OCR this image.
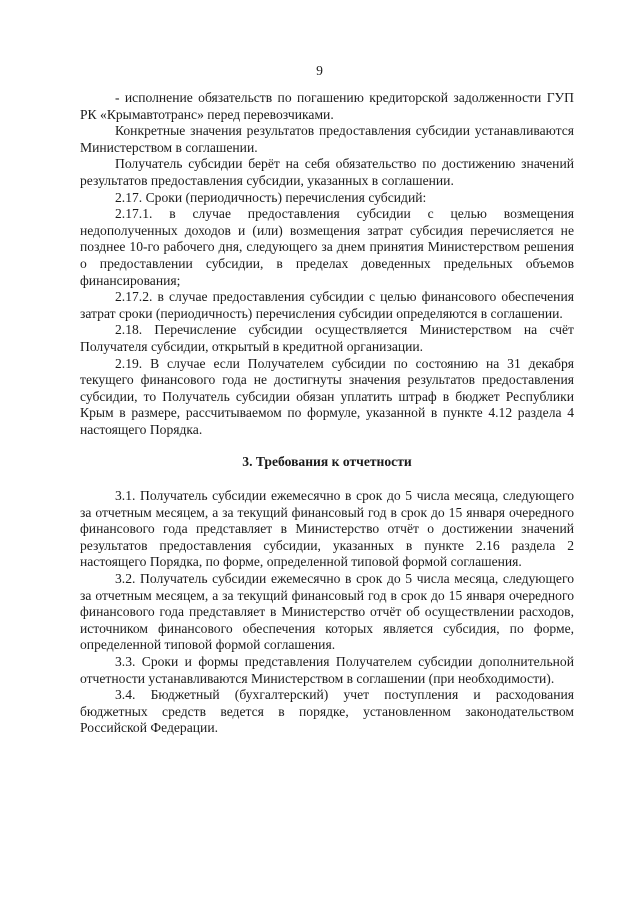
9

- исполнение обязательств по погашению кредиторской задолженности ГУП РК «Крымавтотранс» перед перевозчиками.

Конкретные значения результатов предоставления субсидии устанавливаются Министерством в соглашении.

Получатель субсидии берёт на себя обязательство по достижению значений результатов предоставления субсидии, указанных в соглашении.

2.17. Сроки (периодичность) перечисления субсидий:

2.17.1. в случае предоставления субсидии с целью возмещения недополученных доходов и (или) возмещения затрат субсидия перечисляется не позднее 10-го рабочего дня, следующего за днем принятия Министерством решения о предоставлении субсидии, в пределах доведенных предельных объемов финансирования;

2.17.2. в случае предоставления субсидии с целью финансового обеспечения затрат сроки (периодичность) перечисления субсидии определяются в соглашении.

2.18. Перечисление субсидии осуществляется Министерством на счёт Получателя субсидии, открытый в кредитной организации.

2.19. В случае если Получателем субсидии по состоянию на 31 декабря текущего финансового года не достигнуты значения результатов предоставления субсидии, то Получатель субсидии обязан уплатить штраф в бюджет Республики Крым в размере, рассчитываемом по формуле, указанной в пункте 4.12 раздела 4 настоящего Порядка.

3. Требования к отчетности

3.1. Получатель субсидии ежемесячно в срок до 5 числа месяца, следующего за отчетным месяцем, а за текущий финансовый год в срок до 15 января очередного финансового года представляет в Министерство отчёт о достижении значений результатов предоставления субсидии, указанных в пункте 2.16 раздела 2 настоящего Порядка, по форме, определенной типовой формой соглашения.

3.2. Получатель субсидии ежемесячно в срок до 5 числа месяца, следующего за отчетным месяцем, а за текущий финансовый год в срок до 15 января очередного финансового года представляет в Министерство отчёт об осуществлении расходов, источником финансового обеспечения которых является субсидия, по форме, определенной типовой формой соглашения.

3.3. Сроки и формы представления Получателем субсидии дополнительной отчетности устанавливаются Министерством в соглашении (при необходимости).

3.4. Бюджетный (бухгалтерский) учет поступления и расходования бюджетных средств ведется в порядке, установленном законодательством Российской Федерации.
